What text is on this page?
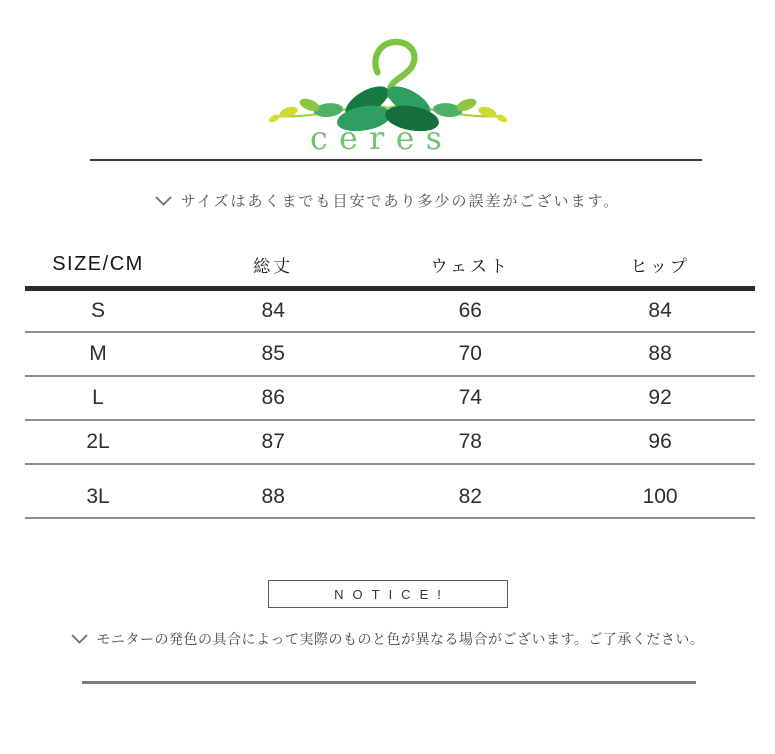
ceres
サイズはあくまでも目安であり多少の誤差がございます。
SIZE/CM	総丈	ウェスト	ヒップ
S	84	66	84
M	85	70	88
L	86	74	92
2L	87	78	96
3L	88	82	100
NOTICE!
モニターの発色の具合によって実際のものと色が異なる場合がございます。ご了承ください。
